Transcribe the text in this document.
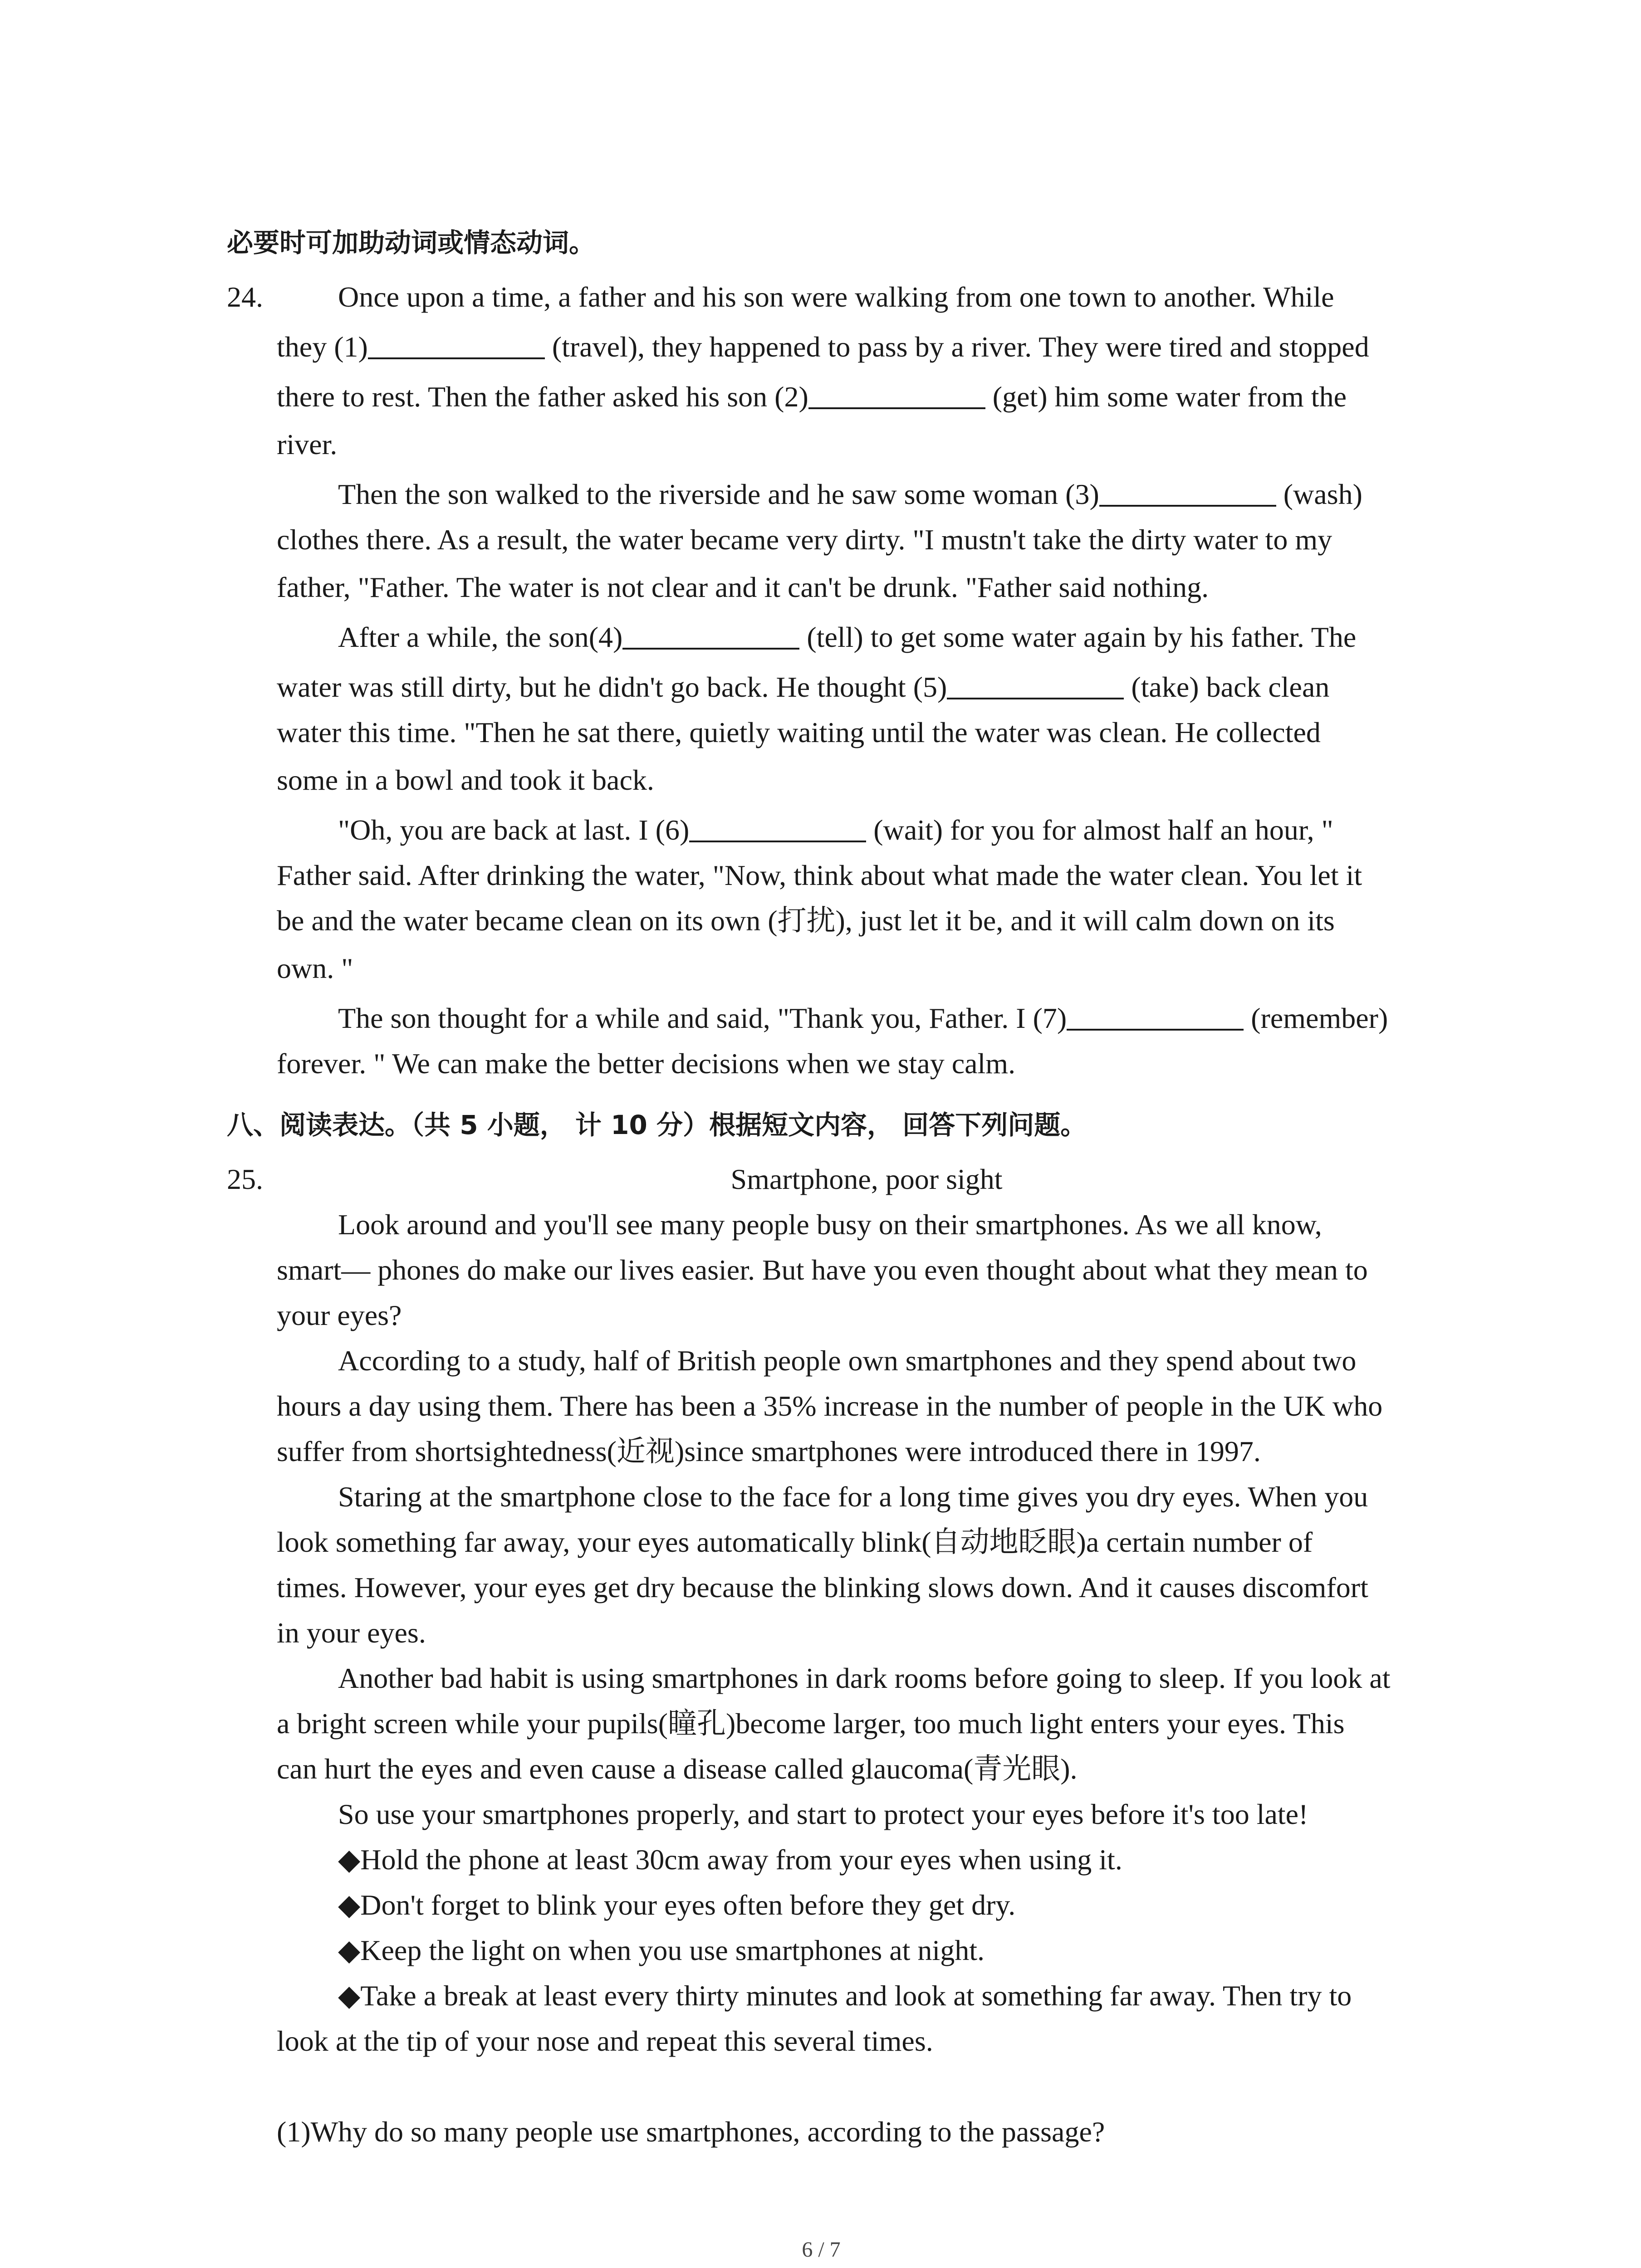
必要时可加助动词或情态动词。
24.	Once upon a time, a father and his son were walking from one town to another. While
they (1)	(travel), they happened to pass by a river. They were tired and stopped
there to rest. Then the father asked his son (2)	(get) him some water from the
river.
Then the son walked to the riverside and he saw some woman (3)	(wash)
clothes there. As a result, the water became very dirty. "I mustn't take the dirty water to my
father, "Father. The water is not clear and it can't be drunk. "Father said nothing.
After a while, the son(4)	(tell) to get some water again by his father. The
water was still dirty, but he didn't go back. He thought (5)	(take) back clean
water this time. "Then he sat there, quietly waiting until the water was clean. He collected
some in a bowl and took it back.
"Oh, you are back at last. I (6)	(wait) for you for almost half an hour, "
Father said. After drinking the water, "Now, think about what made the water clean. You let it
be and the water became clean on its own (打扰), just let it be, and it will calm down on its
own. "
The son thought for a while and said, "Thank you, Father. I (7)	(remember)
forever. " We can make the better decisions when we stay calm.
八、阅读表达。（共 5 小题， 计 10 分）根据短文内容， 回答下列问题。
25.	Smartphone, poor sight
Look around and you'll see many people busy on their smartphones. As we all know,
smart— phones do make our lives easier. But have you even thought about what they mean to
your eyes?
According to a study, half of British people own smartphones and they spend about two
hours a day using them. There has been a 35% increase in the number of people in the UK who
suffer from shortsightedness(近视)since smartphones were introduced there in 1997.
Staring at the smartphone close to the face for a long time gives you dry eyes. When you
look something far away, your eyes automatically blink(自动地眨眼)a certain number of
times. However, your eyes get dry because the blinking slows down. And it causes discomfort
in your eyes.
Another bad habit is using smartphones in dark rooms before going to sleep. If you look at
a bright screen while your pupils(瞳孔)become larger, too much light enters your eyes. This
can hurt the eyes and even cause a disease called glaucoma(青光眼).
So use your smartphones properly, and start to protect your eyes before it's too late!
◆Hold the phone at least 30cm away from your eyes when using it.
◆Don't forget to blink your eyes often before they get dry.
◆Keep the light on when you use smartphones at night.
◆Take a break at least every thirty minutes and look at something far away. Then try to
look at the tip of your nose and repeat this several times.
(1)Why do so many people use smartphones, according to the passage?
6 / 7
